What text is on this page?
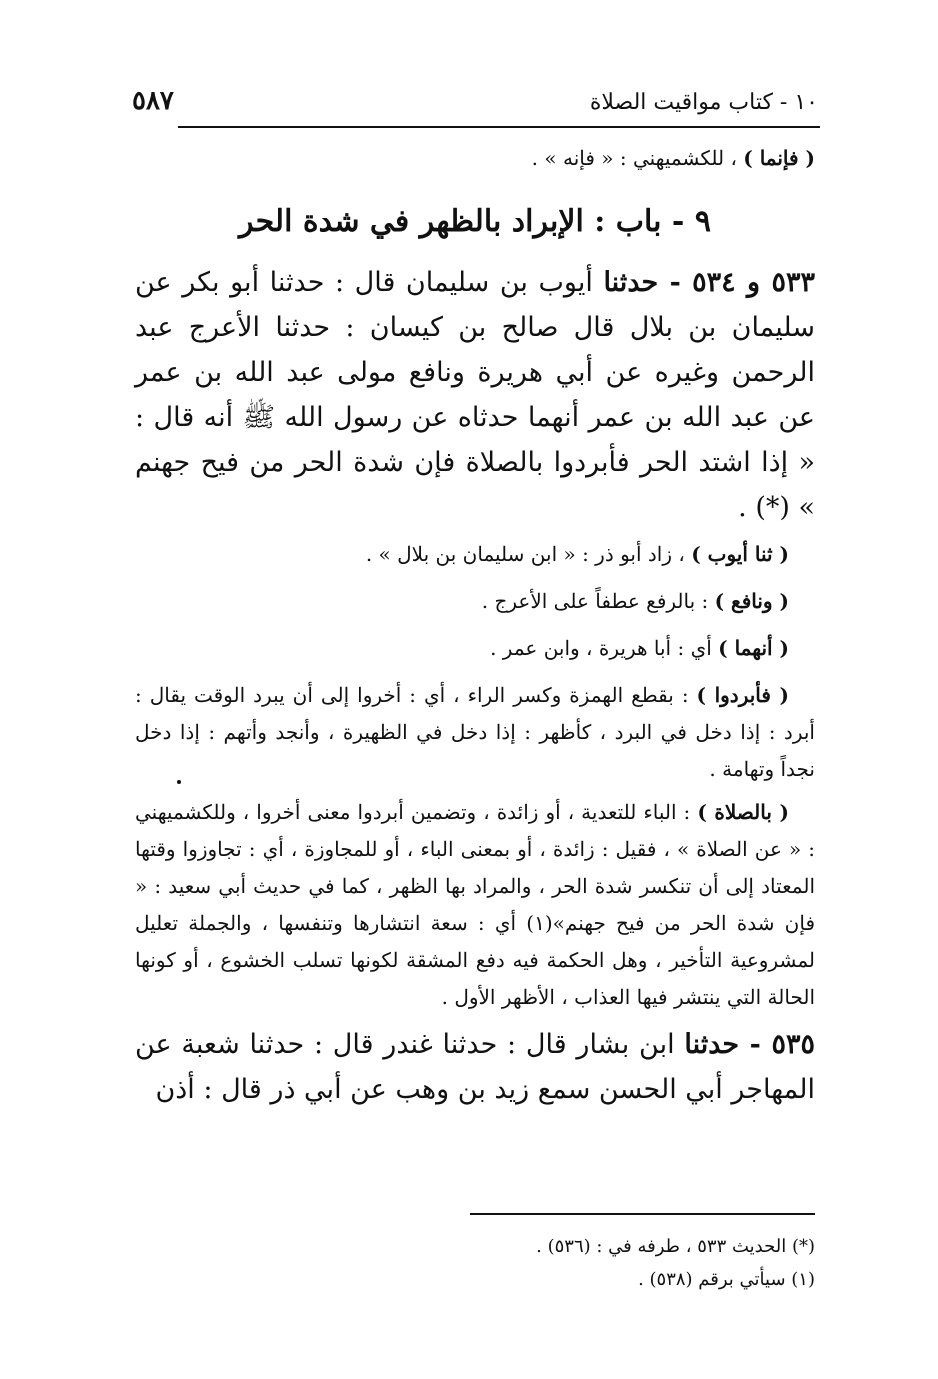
٥٨٧	١٠ - كتاب مواقيت الصلاة

( فإنما ) ، للكشميهني : « فإنه » .

٩ - باب : الإبراد بالظهر في شدة الحر

٥٣٣ و ٥٣٤ - حدثنا أيوب بن سليمان قال : حدثنا أبو بكر عن سليمان بن بلال قال صالح بن كيسان : حدثنا الأعرج عبد الرحمن وغيره عن أبي هريرة ونافع مولى عبد الله بن عمر عن عبد الله بن عمر أنهما حدثاه عن رسول الله ﷺ أنه قال : « إذا اشتد الحر فأبردوا بالصلاة فإن شدة الحر من فيح جهنم » (*) .

( ثنا أيوب ) ، زاد أبو ذر : « ابن سليمان بن بلال » .

( ونافع ) : بالرفع عطفاً على الأعرج .

( أنهما ) أي : أبا هريرة ، وابن عمر .

( فأبردوا ) : بقطع الهمزة وكسر الراء ، أي : أخروا إلى أن يبرد الوقت يقال : أبرد : إذا دخل في البرد ، كأظهر : إذا دخل في الظهيرة ، وأنجد وأتهم : إذا دخل نجداً وتهامة .

( بالصلاة ) : الباء للتعدية ، أو زائدة ، وتضمين أبردوا معنى أخروا ، وللكشميهني : « عن الصلاة » ، فقيل : زائدة ، أو بمعنى الباء ، أو للمجاوزة ، أي : تجاوزوا وقتها المعتاد إلى أن تنكسر شدة الحر ، والمراد بها الظهر ، كما في حديث أبي سعيد : « فإن شدة الحر من فيح جهنم»(١) أي : سعة انتشارها وتنفسها ، والجملة تعليل لمشروعية التأخير ، وهل الحكمة فيه دفع المشقة لكونها تسلب الخشوع ، أو كونها الحالة التي ينتشر فيها العذاب ، الأظهر الأول .

٥٣٥ - حدثنا ابن بشار قال : حدثنا غندر قال : حدثنا شعبة عن المهاجر أبي الحسن سمع زيد بن وهب عن أبي ذر قال : أذن

(*) الحديث ٥٣٣ ، طرفه في : (٥٣٦) .

(١) سيأتي برقم (٥٣٨) .
